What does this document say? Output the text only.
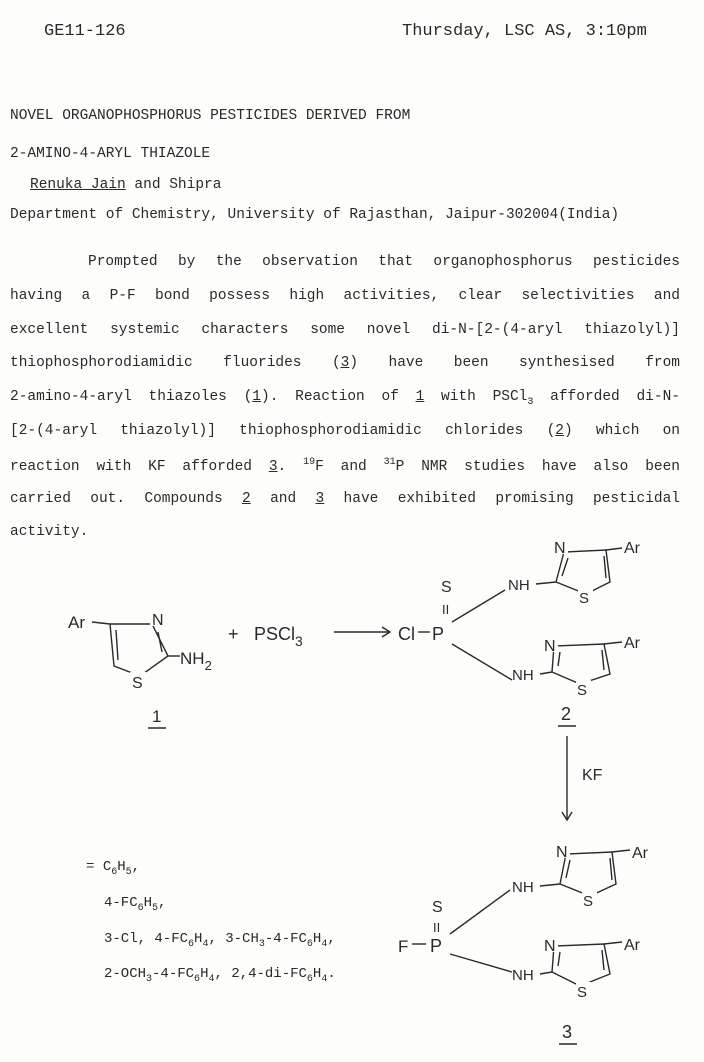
GE11-126	Thursday, LSC AS, 3:10pm
NOVEL ORGANOPHOSPHORUS PESTICIDES DERIVED FROM
2-AMINO-4-ARYL THIAZOLE
Renuka Jain and Shipra
Department of Chemistry, University of Rajasthan, Jaipur-302004(India)
Prompted by the observation that organophosphorus pesticides
having a P-F bond possess high activities, clear selectivities and
excellent systemic characters some novel di-N-[2-(4-aryl thiazolyl)]
thiophosphorodiamidic fluorides (3) have been synthesised from
2-amino-4-aryl thiazoles (1). Reaction of 1 with PSCl$_3$ afforded di-N-
[2-(4-aryl thiazolyl)] thiophosphorodiamidic chlorides (2) which on
reaction with KF afforded 3. $^{19}$F and $^{31}$P NMR studies have also been
carried out. Compounds 2 and 3 have exhibited promising pesticidal
activity.
Ar	N
S
$NH_2$
1
+ PSCl$_3$	Cl P
S
II
NH
N
S
Ar
NH
N
S
Ar
2
KF
F P
S
II
NH
N
S
Ar
NH
N
S
Ar
3
= $C_6H_5$,
$4-FC_6H_5$,
3-Cl, $4-FC_6H_4$, $3-CH_3-4-FC_6H_4$,
$2-OCH_3-4-FC_6H_4$, $2,4-di-FC_6H_4$.
